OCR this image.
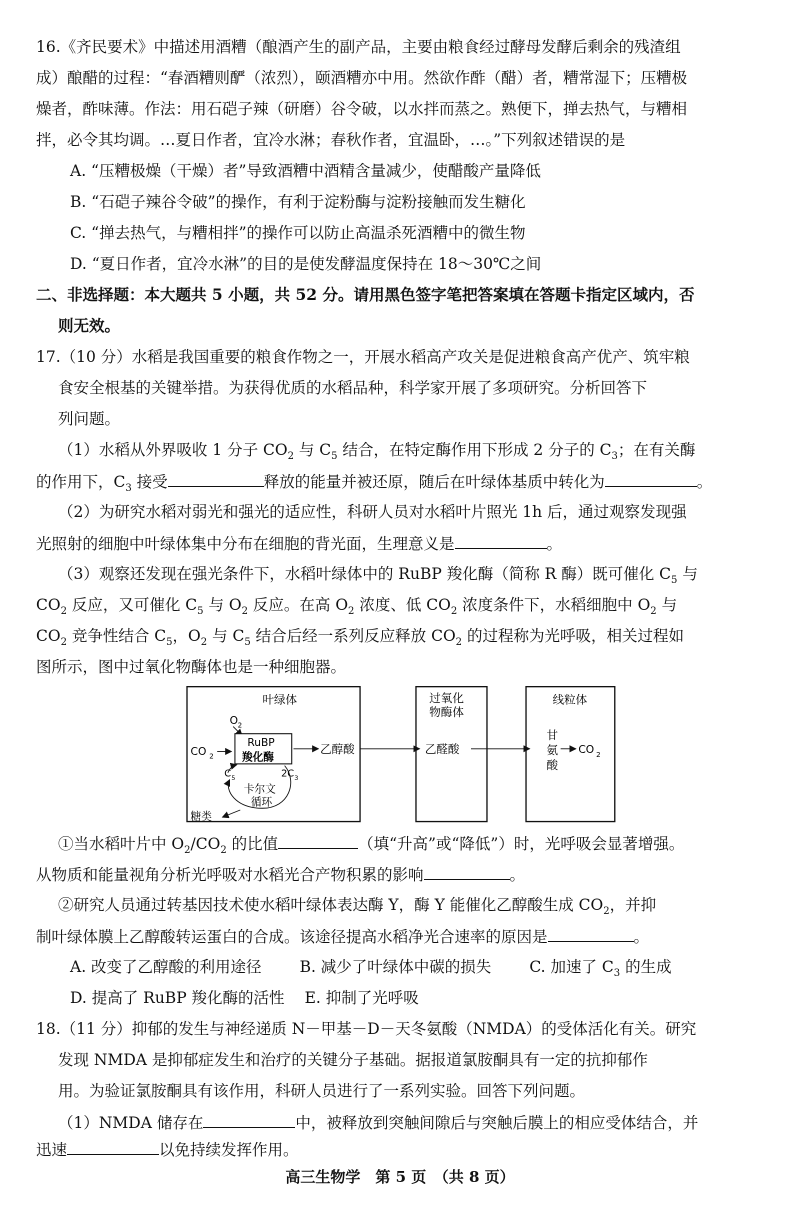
16.《齐民要术》中描述用酒糟（酿酒产生的副产品，主要由粮食经过酵母发酵后剩余的残渣组
成）酿醋的过程：“春酒糟则酽（浓烈），颐酒糟亦中用。然欲作酢（醋）者，糟常湿下；压糟极
燥者，酢味薄。作法：用石硙子辣（研磨）谷令破，以水拌而蒸之。熟便下，掸去热气，与糟相
拌，必令其均调。…夏日作者，宜冷水淋；春秋作者，宜温卧，…。”下列叙述错误的是
A. “压糟极燥（干燥）者”导致酒糟中酒精含量减少，使醋酸产量降低
B. “石硙子辣谷令破”的操作，有利于淀粉酶与淀粉接触而发生糖化
C. “掸去热气，与糟相拌”的操作可以防止高温杀死酒糟中的微生物
D. “夏日作者，宜冷水淋”的目的是使发酵温度保持在 18～30℃之间
二、非选择题：本大题共 5 小题，共 52 分。请用黑色签字笔把答案填在答题卡指定区域内，否
则无效。
17.（10 分）水稻是我国重要的粮食作物之一，开展水稻高产攻关是促进粮食高产优产、筑牢粮
食安全根基的关键举措。为获得优质的水稻品种，科学家开展了多项研究。分析回答下
列问题。
（1）水稻从外界吸收 1 分子 $CO_2$ 与 $C_5$ 结合，在特定酶作用下形成 2 分子的 $C_3$；在有关酶
的作用下，$C_3$ 接受	释放的能量并被还原，随后在叶绿体基质中转化为	。
（2）为研究水稻对弱光和强光的适应性，科研人员对水稻叶片照光 1h 后，通过观察发现强
光照射的细胞中叶绿体集中分布在细胞的背光面，生理意义是	。
（3）观察还发现在强光条件下，水稻叶绿体中的 RuBP 羧化酶（简称 R 酶）既可催化 $C_5$ 与
$CO_2$ 反应，又可催化 $C_5$ 与 $O_2$ 反应。在高 $O_2$ 浓度、低 $CO_2$ 浓度条件下，水稻细胞中 $O_2$ 与
$CO_2$ 竞争性结合 $C_5$，$O_2$ 与 $C_5$ 结合后经一系列反应释放 $CO_2$ 的过程称为光呼吸，相关过程如
图所示，图中过氧化物酶体也是一种细胞器。
叶绿体	过氧化
物酶体
线粒体
O 2
CO 2
RuBP
羧化酶
乙醇酸	乙醛酸
甘
氨
酸
CO 2
C 5	2C 3
卡尔文
循环
糖类
①当水稻叶片中 $O_2/CO_2$ 的比值	（填“升高”或“降低”）时，光呼吸会显著增强。
从物质和能量视角分析光呼吸对水稻光合产物积累的影响	。
②研究人员通过转基因技术使水稻叶绿体表达酶 Y，酶 Y 能催化乙醇酸生成 $CO_2$，并抑
制叶绿体膜上乙醇酸转运蛋白的合成。该途径提高水稻净光合速率的原因是	。
A. 改变了乙醇酸的利用途径 B. 减少了叶绿体中碳的损失 C. 加速了 $C_3$ 的生成
D. 提高了 RuBP 羧化酶的活性 E. 抑制了光呼吸
18.（11 分）抑郁的发生与神经递质 N－甲基－D－天冬氨酸（NMDA）的受体活化有关。研究
发现 NMDA 是抑郁症发生和治疗的关键分子基础。据报道氯胺酮具有一定的抗抑郁作
用。为验证氯胺酮具有该作用，科研人员进行了一系列实验。回答下列问题。
（1）NMDA 储存在	中，被释放到突触间隙后与突触后膜上的相应受体结合，并
迅速	以免持续发挥作用。
高三生物学　第 5 页　（共 8 页）
